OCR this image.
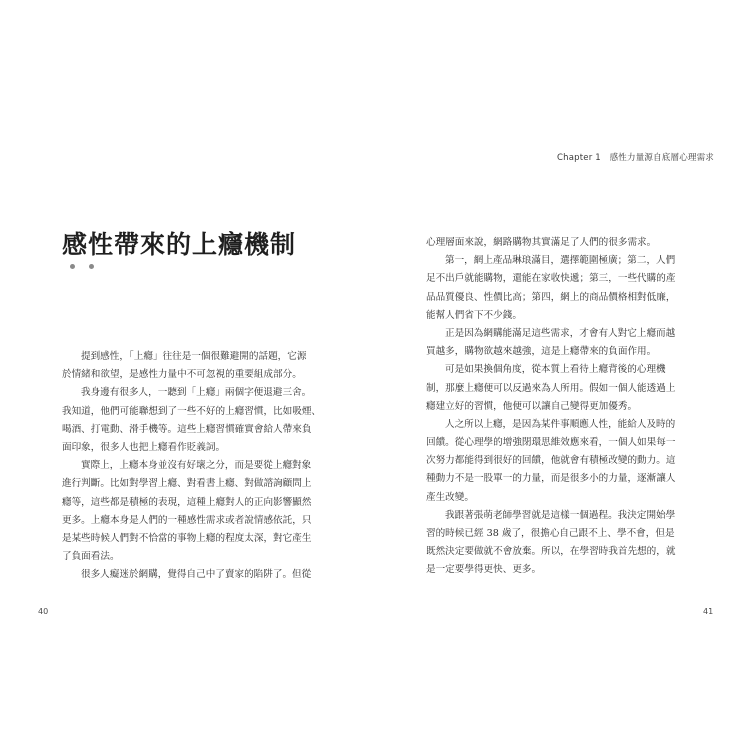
感性帶來的上癮機制
提到感性，「上癮」往往是一個很難避開的話題，它源
於情緒和欲望，是感性力量中不可忽視的重要組成部分。
我身邊有很多人，一聽到「上癮」兩個字便退避三舍。
我知道，他們可能聯想到了一些不好的上癮習慣，比如吸煙、
喝酒、打電動、滑手機等。這些上癮習慣確實會給人帶來負
面印象，很多人也把上癮看作貶義詞。
實際上，上癮本身並沒有好壞之分，而是要從上癮對象
進行判斷。比如對學習上癮、對看書上癮、對做諮詢顧問上
癮等，這些都是積極的表現，這種上癮對人的正向影響顯然
更多。上癮本身是人們的一種感性需求或者說情感依託，只
是某些時候人們對不恰當的事物上癮的程度太深，對它產生
了負面看法。
很多人癡迷於網購，覺得自己中了賣家的陷阱了。但從
40
Chapter 1　感性力量源自底層心理需求
41
心理層面來說，網路購物其實滿足了人們的很多需求。
第一，網上產品琳琅滿目，選擇範圍極廣；第二，人們
足不出戶就能購物，還能在家收快遞；第三，一些代購的產
品品質優良、性價比高；第四，網上的商品價格相對低廉，
能幫人們省下不少錢。
正是因為網購能滿足這些需求，才會有人對它上癮而越
買越多，購物欲越來越強，這是上癮帶來的負面作用。
可是如果換個角度，從本質上看待上癮背後的心理機
制，那麼上癮便可以反過來為人所用。假如一個人能透過上
癮建立好的習慣，他便可以讓自己變得更加優秀。
人之所以上癮，是因為某件事順應人性，能給人及時的
回饋。從心理學的增強閉環思維效應來看，一個人如果每一
次努力都能得到很好的回饋，他就會有積極改變的動力。這
種動力不是一股單一的力量，而是很多小的力量，逐漸讓人
產生改變。
我跟著張萌老師學習就是這樣一個過程。我決定開始學
習的時候已經 38 歲了，很擔心自己跟不上、學不會，但是
既然決定要做就不會放棄。所以，在學習時我首先想的，就
是一定要學得更快、更多。
